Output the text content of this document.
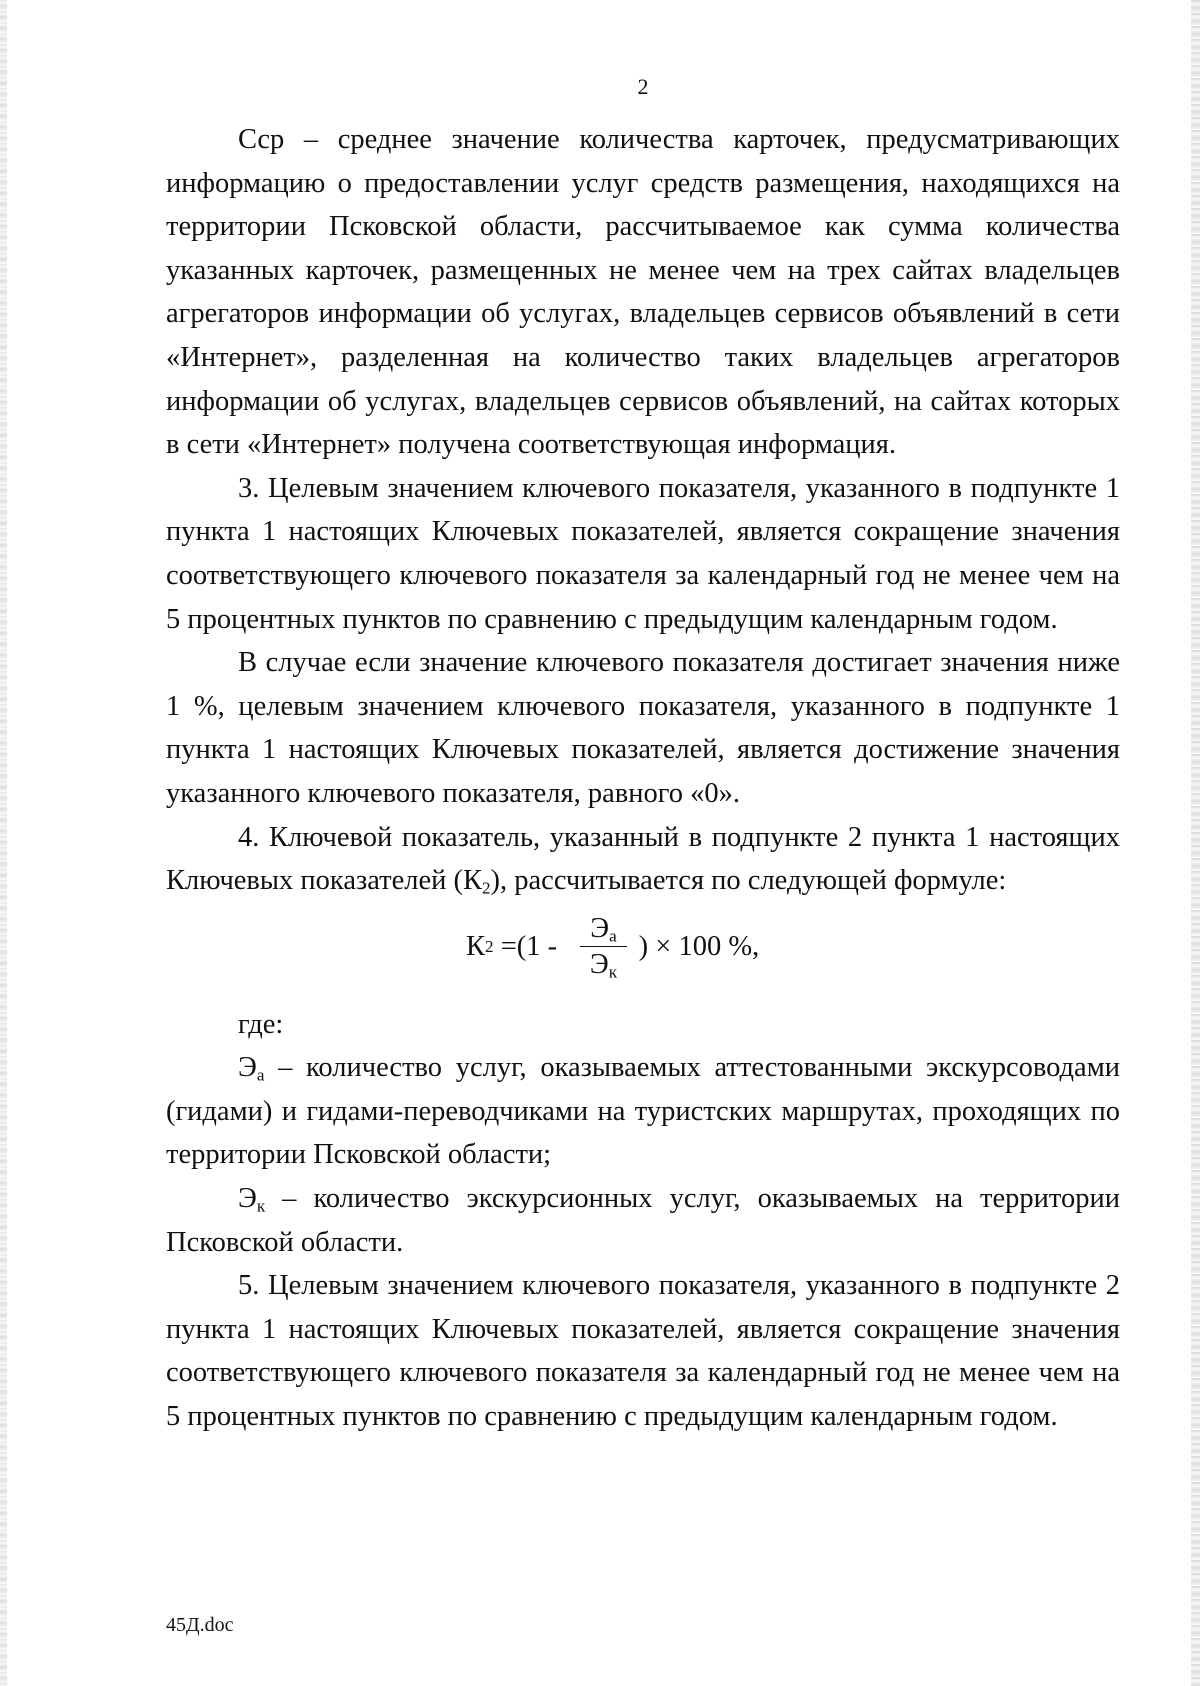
2

Сср – среднее значение количества карточек, предусматривающих информацию о предоставлении услуг средств размещения, находящихся на территории Псковской области, рассчитываемое как сумма количества указанных карточек, размещенных не менее чем на трех сайтах владельцев агрегаторов информации об услугах, владельцев сервисов объявлений в сети «Интернет», разделенная на количество таких владельцев агрегаторов информации об услугах, владельцев сервисов объявлений, на сайтах которых в сети «Интернет» получена соответствующая информация.

3. Целевым значением ключевого показателя, указанного в подпункте 1 пункта 1 настоящих Ключевых показателей, является сокращение значения соответствующего ключевого показателя за календарный год не менее чем на 5 процентных пунктов по сравнению с предыдущим календарным годом.

В случае если значение ключевого показателя достигает значения ниже 1 %, целевым значением ключевого показателя, указанного в подпункте 1 пункта 1 настоящих Ключевых показателей, является достижение значения указанного ключевого показателя, равного «0».

4. Ключевой показатель, указанный в подпункте 2 пункта 1 настоящих Ключевых показателей $(К_2)$, рассчитывается по следующей формуле:

К $2 =(1 - \frac{Э_а}{Э_к}$ ) × 100 %,

где:

$Э_а$ – количество услуг, оказываемых аттестованными экскурсоводами (гидами) и гидами-переводчиками на туристских маршрутах, проходящих по территории Псковской области;

$Э_к$ – количество экскурсионных услуг, оказываемых на территории Псковской области.

5. Целевым значением ключевого показателя, указанного в подпункте 2 пункта 1 настоящих Ключевых показателей, является сокращение значения соответствующего ключевого показателя за календарный год не менее чем на 5 процентных пунктов по сравнению с предыдущим календарным годом.

45Д.doc
